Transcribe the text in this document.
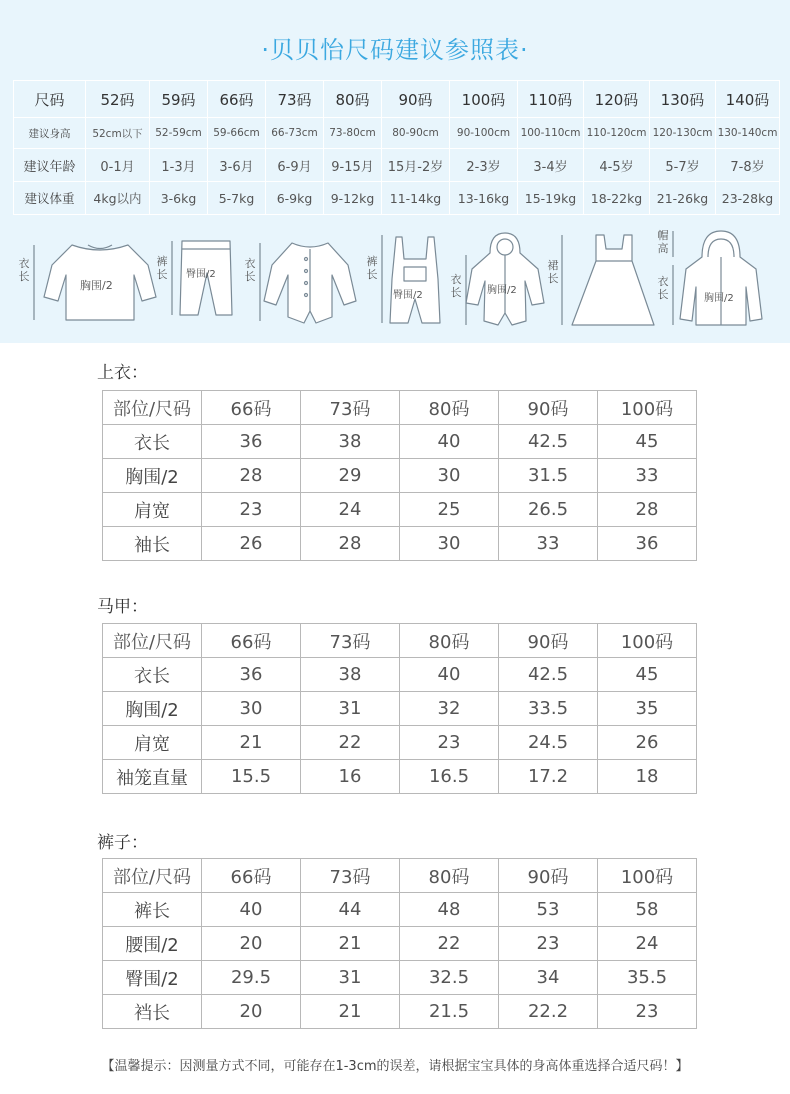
·贝贝怡尺码建议参照表·
尺码	52码	59码	66码	73码	80码	90码	100码	110码	120码	130码	140码
建议身高	52cm以下	52-59cm	59-66cm	66-73cm	73-80cm	80-90cm	90-100cm	100-110cm	110-120cm	120-130cm	130-140cm
建议年龄	0-1月	1-3月	3-6月	6-9月	9-15月	15月-2岁	2-3岁	3-4岁	4-5岁	5-7岁	7-8岁
建议体重	4kg以内	3-6kg	5-7kg	6-9kg	9-12kg	11-14kg	13-16kg	15-19kg	18-22kg	21-26kg	23-28kg
胸围/2
臀围/2
臀围/2	胸围/2
胸围/2
衣长
裤长
衣长
裤长	衣长
裙长
帽高
衣长
上衣：
部位/尺码	66码	73码	80码	90码	100码
衣长	36	38	40	42.5	45
胸围/2	28	29	30	31.5	33
肩宽	23	24	25	26.5	28
袖长	26	28	30	33	36
马甲：
部位/尺码	66码	73码	80码	90码	100码
衣长	36	38	40	42.5	45
胸围/2	30	31	32	33.5	35
肩宽	21	22	23	24.5	26
袖笼直量	15.5	16	16.5	17.2	18
裤子：
部位/尺码	66码	73码	80码	90码	100码
裤长	40	44	48	53	58
腰围/2	20	21	22	23	24
臀围/2	29.5	31	32.5	34	35.5
裆长	20	21	21.5	22.2	23
【温馨提示：因测量方式不同，可能存在1-3cm的误差，请根据宝宝具体的身高体重选择合适尺码！】
